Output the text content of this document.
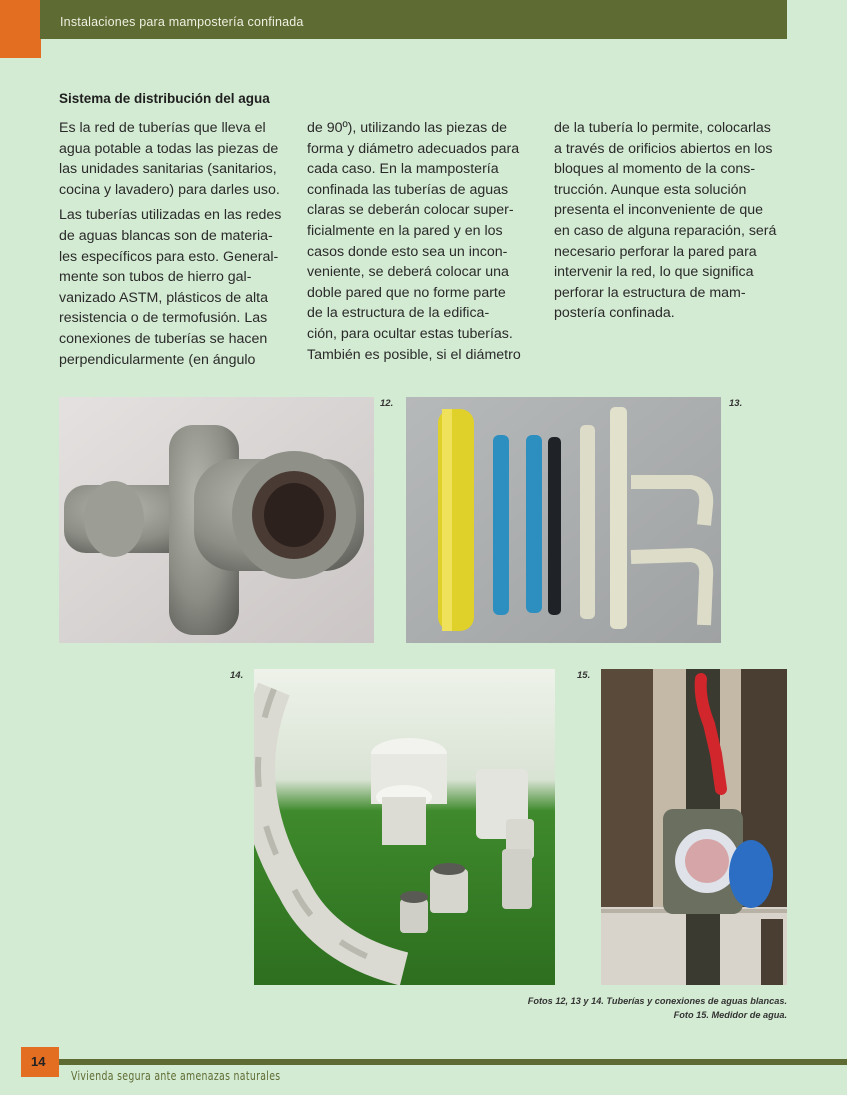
Instalaciones para mampostería confinada
Sistema de distribución del agua

Es la red de tuberías que lleva el
agua potable a todas las piezas de
las unidades sanitarias (sanitarios,
cocina y lavadero) para darles uso.

Las tuberías utilizadas en las redes
de aguas blancas son de materia-
les específicos para esto. General-
mente son tubos de hierro gal-
vanizado ASTM, plásticos de alta
resistencia o de termofusión. Las
conexiones de tuberías se hacen
perpendicularmente (en ángulo

de 90º), utilizando las piezas de
forma y diámetro adecuados para
cada caso. En la mampostería
confinada las tuberías de aguas
claras se deberán colocar super-
ficialmente en la pared y en los
casos donde esto sea un incon-
veniente, se deberá colocar una
doble pared que no forme parte
de la estructura de la edifica-
ción, para ocultar estas tuberías.
También es posible, si el diámetro

de la tubería lo permite, colocarlas
a través de orificios abiertos en los
bloques al momento de la cons-
trucción. Aunque esta solución
presenta el inconveniente de que
en caso de alguna reparación, será
necesario perforar la pared para
intervenir la red, lo que significa
perforar la estructura de mam-
postería confinada.

12.	13.
14.	15.
Fotos 12, 13 y 14. Tuberías y conexiones de aguas blancas.
Foto 15. Medidor de agua.
14
Vivienda segura ante amenazas naturales
